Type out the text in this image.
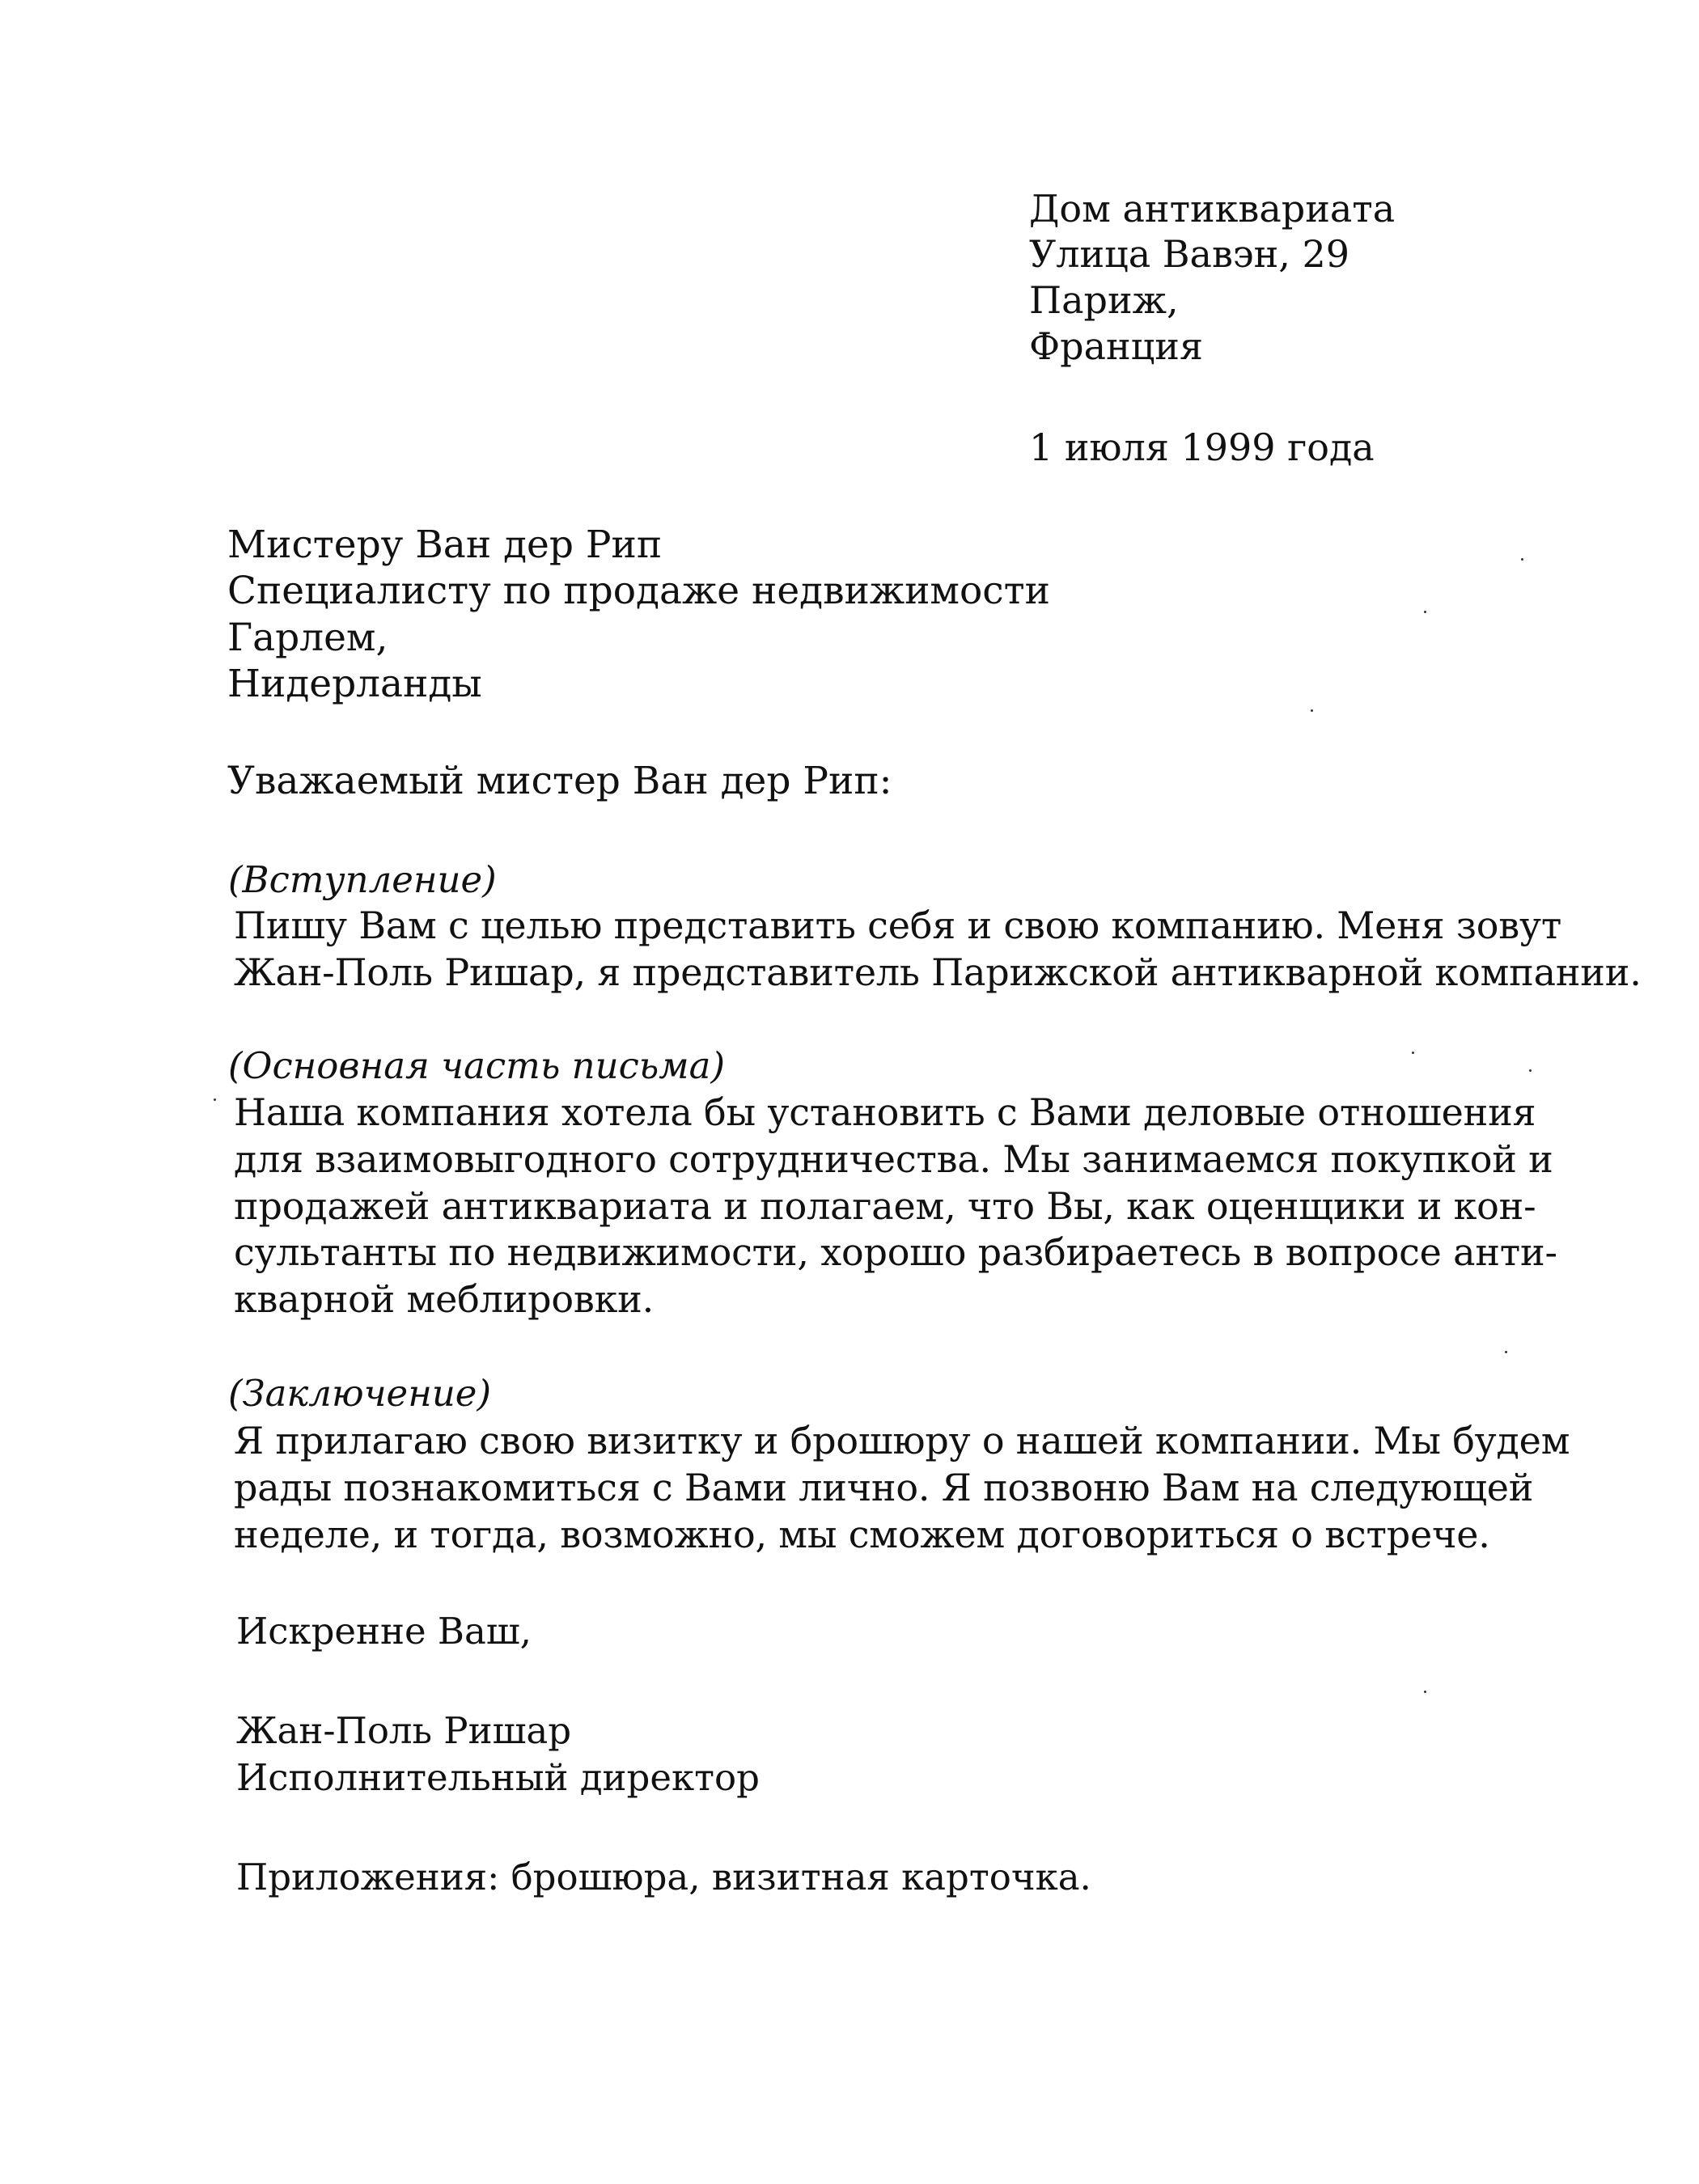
Дом антиквариата
Улица Вавэн, 29
Париж,
Франция
1 июля 1999 года
Мистеру Ван дер Рип
Специалисту по продаже недвижимости
Гарлем,
Нидерланды
Уважаемый мистер Ван дер Рип:
(Вступление)
Пишу Вам с целью представить себя и свою компанию. Меня зовут
Жан-Поль Ришар, я представитель Парижской антикварной компании.
(Основная часть письма)
Наша компания хотела бы установить с Вами деловые отношения
для взаимовыгодного сотрудничества. Мы занимаемся покупкой и
продажей антиквариата и полагаем, что Вы, как оценщики и кон-
сультанты по недвижимости, хорошо разбираетесь в вопросе анти-
кварной меблировки.
(Заключение)
Я прилагаю свою визитку и брошюру о нашей компании. Мы будем
рады познакомиться с Вами лично. Я позвоню Вам на следующей
неделе, и тогда, возможно, мы сможем договориться о встрече.
Искренне Ваш,
Жан-Поль Ришар
Исполнительный директор
Приложения: брошюра, визитная карточка.
